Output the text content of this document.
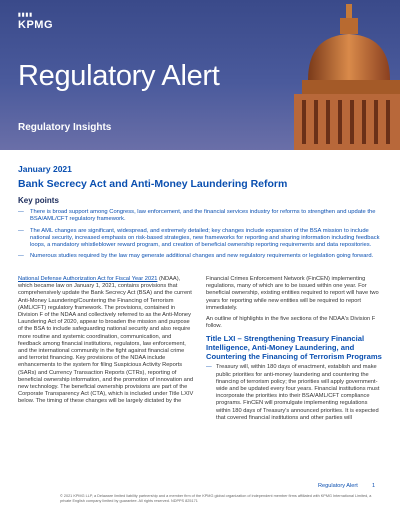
▮▮▮▮
KPMG
Regulatory Alert
Regulatory Insights
January 2021
Bank Secrecy Act and Anti-Money Laundering Reform
Key points
— There is broad support among Congress, law enforcement, and the financial services industry for reforms to strengthen and update the BSA/AML/CFT regulatory framework.
— The AML changes are significant, widespread, and extremely detailed; key changes include expansion of the BSA mission to include national security, increased emphasis on risk-based strategies, new frameworks for reporting and sharing information including feedback loops, a mandatory whistleblower reward program, and creation of beneficial ownership reporting requirements and data repositories.
— Numerous studies required by the law may generate additional changes and new regulatory requirements or legislation going forward.

National Defense Authorization Act for Fiscal Year 2021 (NDAA), which became law on January 1, 2021, contains provisions that comprehensively update the Bank Secrecy Act (BSA) and the current Anti-Money Laundering/Countering the Financing of Terrorism (AML/CFT) regulatory framework. The provisions, contained in Division F of the NDAA and collectively referred to as the Anti-Money Laundering Act of 2020, appear to broaden the mission and purpose of the BSA to include safeguarding national security and also require more routine and systemic coordination, communication, and feedback among financial institutions, regulators, law enforcement, and the international community in the fight against financial crime and terrorist financing. Key provisions of the NDAA include enhancements to the system for filing Suspicious Activity Reports (SARs) and Currency Transaction Reports (CTRs), reporting of beneficial ownership information, and the promotion of innovation and new technology. The beneficial ownership provisions are part of the Corporate Transparency Act (CTA), which is included under Title LXIV below. The timing of these changes will be largely dictated by the

Financial Crimes Enforcement Network (FinCEN) implementing regulations, many of which are to be issued within one year. For beneficial ownership, existing entities required to report will have two years for reporting while new entities will be required to report immediately.

An outline of highlights in the five sections of the NDAA's Division F follow.

Title LXI – Strengthening Treasury Financial Intelligence, Anti-Money Laundering, and Countering the Financing of Terrorism Programs
— Treasury will, within 180 days of enactment, establish and make public priorities for anti-money laundering and countering the financing of terrorism policy; the priorities will apply government-wide and be updated every four years. Financial institutions must incorporate the priorities into their BSA/AML/CFT compliance programs. FinCEN will promulgate implementing regulations within 180 days of Treasury's announced priorities. It is expected that covered financial institutions and other parties will
Regulatory Alert	1
© 2021 KPMG LLP, a Delaware limited liability partnership and a member firm of the KPMG global organization of independent member firms affiliated with KPMG International Limited, a private English company limited by guarantee. All rights reserved. NDPPS 825171
